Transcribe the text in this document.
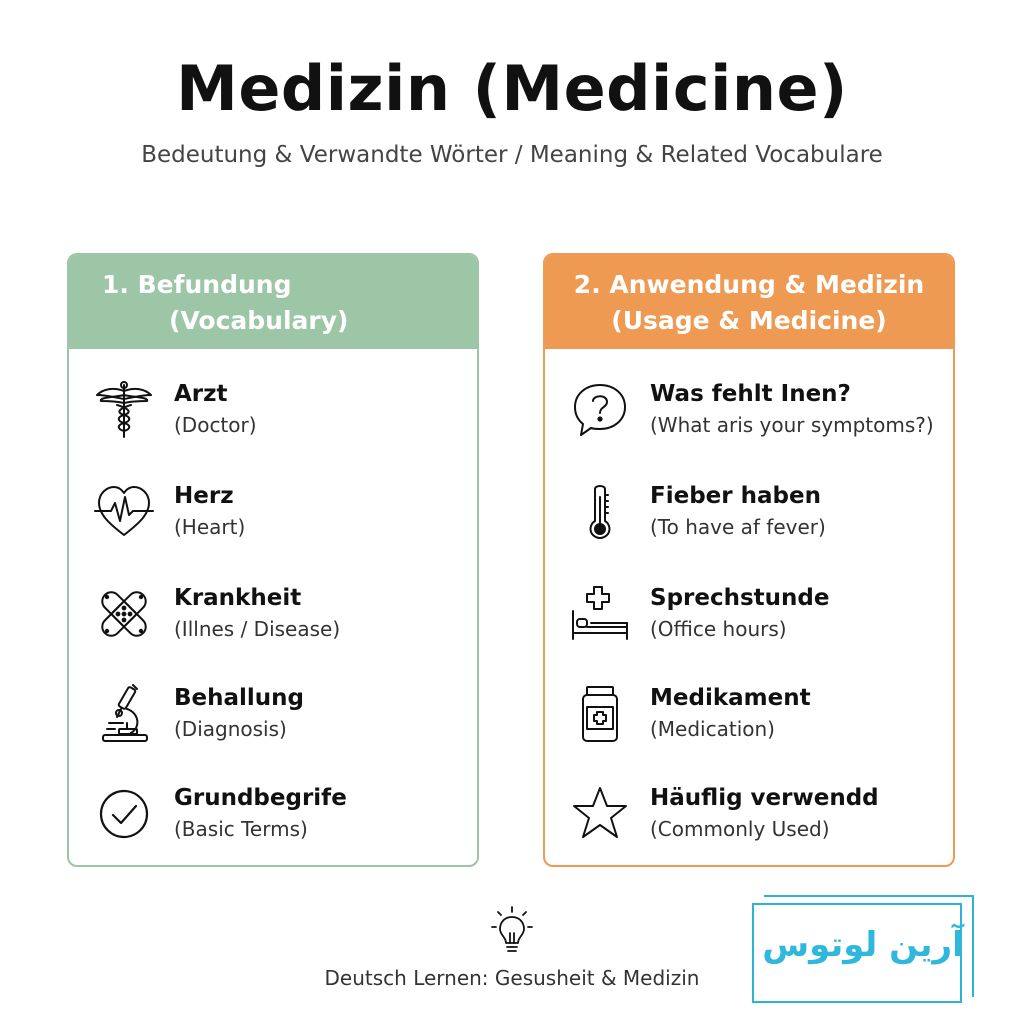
Medizin (Medicine)
Bedeutung & Verwandte Wörter / Meaning & Related Vocabulare
1. Befundung
(Vocabulary)
Arzt
(Doctor)
Herz
(Heart)
Krankheit
(Illnes / Disease)
Behallung
(Diagnosis)
Grundbegrife
(Basic Terms)
2. Anwendung & Medizin
(Usage & Medicine)
Was fehlt Inen?
(What aris your symptoms?)
Fieber haben
(To have af fever)
Sprechstunde
(Office hours)
Medikament
(Medication)
Häuflig verwendd
(Commonly Used)
Deutsch Lernen: Gesusheit & Medizin
آرین لوتوس
